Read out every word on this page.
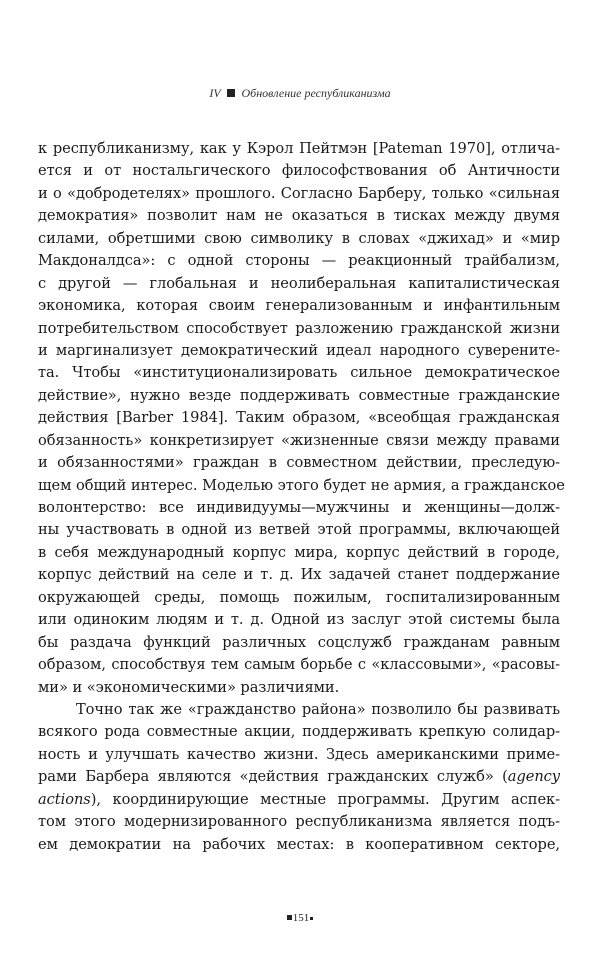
IV Обновление республиканизма
к республиканизму, как у Кэрол Пейтмэн [Pateman 1970], отлича-
ется и от ностальгического философствования об Античности
и о «добродетелях» прошлого. Согласно Барберу, только «сильная
демократия» позволит нам не оказаться в тисках между двумя
силами, обретшими свою символику в словах «джихад» и «мир
Макдоналдса»: с одной стороны — реакционный трайбализм,
с другой — глобальная и неолиберальная капиталистическая
экономика, которая своим генерализованным и инфантильным
потребительством способствует разложению гражданской жизни
и маргинализует демократический идеал народного суверените-
та. Чтобы «институционализировать сильное демократическое
действие», нужно везде поддерживать совместные гражданские
действия [Barber 1984]. Таким образом, «всеобщая гражданская
обязанность» конкретизирует «жизненные связи между правами
и обязанностями» граждан в совместном действии, преследую-
щем общий интерес. Моделью этого будет не армия, а гражданское
волонтерство: все индивидуумы—мужчины и женщины—долж-
ны участвовать в одной из ветвей этой программы, включающей
в себя международный корпус мира, корпус действий в городе,
корпус действий на селе и т. д. Их задачей станет поддержание
окружающей среды, помощь пожилым, госпитализированным
или одиноким людям и т. д. Одной из заслуг этой системы была
бы раздача функций различных соцслужб гражданам равным
образом, способствуя тем самым борьбе с «классовыми», «расовы-
ми» и «экономическими» различиями.
Точно так же «гражданство района» позволило бы развивать
всякого рода совместные акции, поддерживать крепкую солидар-
ность и улучшать качество жизни. Здесь американскими приме-
рами Барбера являются «действия гражданских служб» (agency
actions), координирующие местные программы. Другим аспек-
том этого модернизированного республиканизма является подъ-
ем демократии на рабочих местах: в кооперативном секторе,
151
